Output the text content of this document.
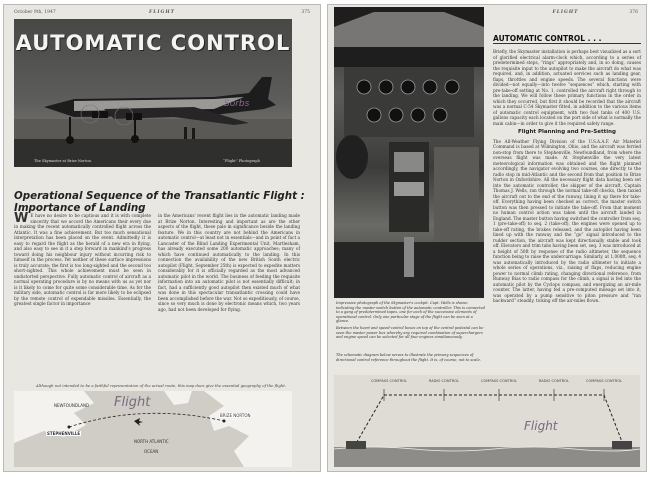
October 9th, 1947	FLIGHT	375
AUTOMATIC CONTROL
Sorbs
The Skymaster at Brize Norton.	“Flight” Photograph
Operational Sequence of the Transatlantic Flight : Importance of Landing
W E have no desire to be captious and it is with complete sincerity that we accord the Americans their every due in making the recent automatically controlled flight across the Atlantic. It was a fine achievement. But too much sensational interpretation has been placed on the event. Admittedly it is easy to regard the flight as the herald of a new era in flying, and also easy to see in it a step forward in mankind's progress toward doing his neighbour injury without incurring risk to himself in the process. Yet neither of these surface impressions is truly accurate; the first is too long-sighted and the second too short-sighted. This whole achievement must be seen in undistorted perspective. Fully automatic control of aircraft as a normal operating procedure is by no means with us as yet nor is it likely to come for quite some considerable time. As for the military side, automatic control is far more likely to be eclipsed by the remote control of expendable missiles. Essentially, the greatest single factor in importance
in the Americans' recent flight lies in the automatic landing made at Brize Norton. Interesting and important as are the other aspects of the flight, these pale in significance beside the landing feature. We in this country are not behind the Americans in automatic control—at least not in essentials—and in point of fact a Lancaster of the Blind Landing Experimental Unit, Martlesham, has already executed some 200 automatic approaches; many of which have continued automatically to the landing. In this connection the availability of the new British South electric autopilot (Flight, September 25th) is expected to expedite matters considerably for it is officially regarded as the most advanced automatic pilot in the world. The business of feeding the requisite information into an automatic pilot is not essentially difficult; in fact, had a sufficiently good autopilot then existed much of what was done in this spectacular transatlantic crossing could have been accomplished before the war. Not so expeditiously, of course, since so very much is done by electronic means which, two years ago, had not been developed for flying.
Although not intended to be a faithful representation of the actual route, this map does give the essential geography of the flight.
NEWFOUNDLAND
STEPHENVILLE
NORTH ATLANTIC
OCEAN
BRIZE NORTON
Flight
FLIGHT	376
AUTOMATIC CONTROL . . .

Briefly, the Skymaster installation is perhaps best visualized as a sort of glorified electrical alarm-clock which, according to a series of predetermined steps, “rings” appropriately and, in so doing, causes the requisite input to the autopilot to make the aircraft do what was required, and, in addition, actuated services such as landing gear, flaps, throttles and engine speeds. The several functions were divided—not equally—into twelve “sequences” which, starting with pre-take-off setting at No. 1, controlled the aircraft right through to the landing. We will follow these primary functions in the order in which they occurred, but first it should be recorded that the aircraft was a normal C-54 Skymaster fitted, in addition to the various items of automatic control equipment, with two fuel tanks of 400 U.S. gallons capacity each located on the port side of what is normally the main cabin—in order to give it the required safety range.

Flight Planning and Pre-Setting

The All-Weather Flying Division of the U.S.A.A.F. Air Materiel Command is based at Wilmington, Ohio, and the aircraft was ferried non-stop from there to Stephenville, Newfoundland, from where the overseas flight was made. At Stephenville the very latest meteorological information was obtained and the flight planned accordingly, the navigator evolving two courses, one directly to the radio stop in mid-Atlantic and the second from that position to Brize Norton in Oxfordshire. All the necessary flight data having been set into the automatic controller, the skipper of the aircraft, Captain Thomas J. Wells, ran through the normal take-off checks, then taxied the aircraft out to the end of the runway, lining it up there for take-off. Everything having been checked as correct, the master switch button was then pressed to initiate the take-off. From that moment no human control action was taken until the aircraft landed in England. The master button having switched the controller from seq. 1 (pre-take-off) to seq. 2 (take-off), the engines were opened up to take-off rating, the brakes released, and the autopilot having been lined up with the runway and the “go” signal introduced to the rudder section, the aircraft was kept directionally stable and took off. Elevators and trim tabs having been set, seq. 3 was introduced at a height of 50ft by response of the radio altimeter, the sequence function being to raise the undercarriage. Similarly, at 1,000ft, seq. 4 was automatically introduced by the radio altimeter to initiate a whole series of operations, viz., raising of flaps, reducing engine power to normal climb rating, changing directional reference, from Runway Bias to radio compass for the climb, a signal is fed into the automatic pilot by the Cyclops compass, and energizing an air-mile counter. The latter, having fed a pre-computed mileage set into it, was operated by a pump sensitive to piton pressure and “ran backward” steadily, ticking off the air-miles flown.

Impressive photograph of the Skymaster's cockpit. Capt. Wells is shown indicating the master switch button of the automatic controller. This is connected to a gang of predetermined tapes, one for each of the successive elements of operational control. Only one particular stage of the flight can be seen at a glance.

Between the heart and speed-control boxes on top of the central pedestal can be seen the master power box whereby any required combination of superchargers and engine speed can be selected for all four engines simultaneously.

The schematic diagram below serves to illustrate the primary sequences of directional control reference throughout the flight. It is, of course, not to scale.
COMPASS CONTROL	RADIO CONTROL	COMPASS CONTROL	RADIO CONTROL	COMPASS CONTROL
Flight
